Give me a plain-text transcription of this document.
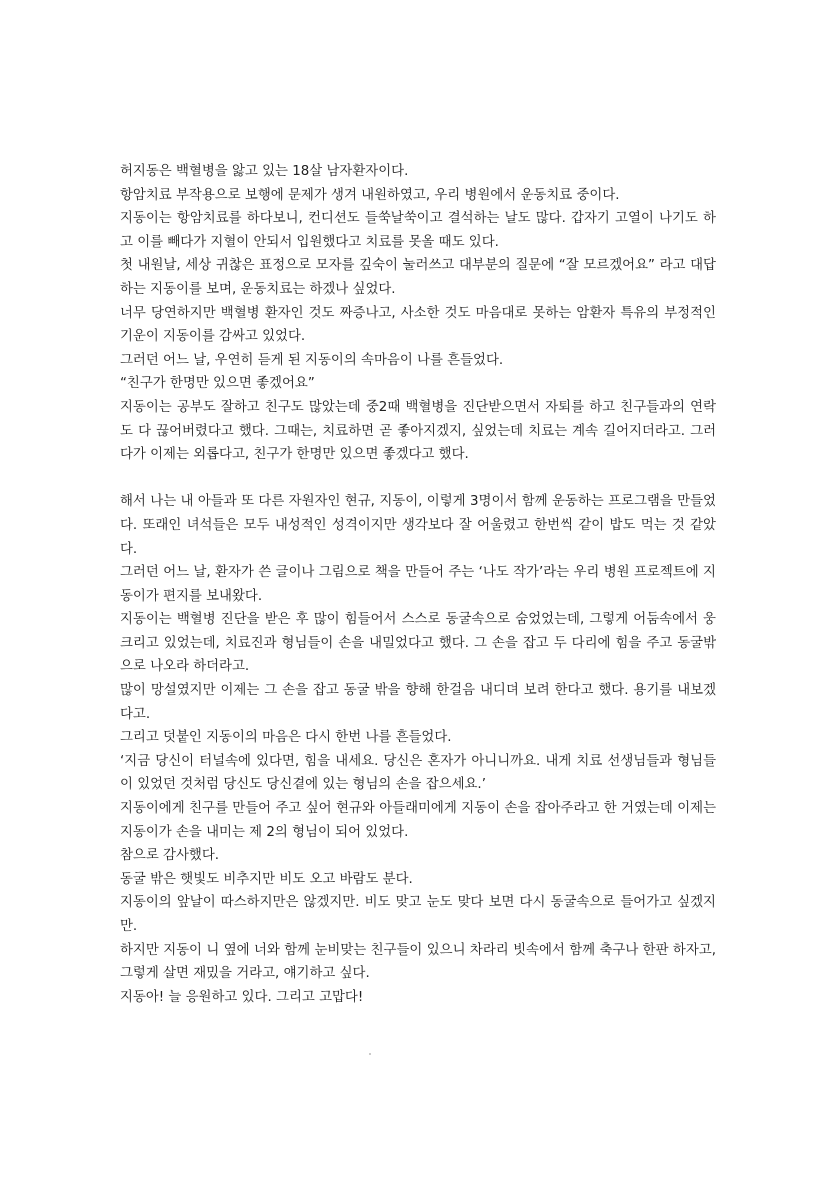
허지동은 백혈병을 앓고 있는 18살 남자환자이다.

항암치료 부작용으로 보행에 문제가 생겨 내원하였고, 우리 병원에서 운동치료 중이다.

지동이는 항암치료를 하다보니, 컨디션도 들쑥날쑥이고 결석하는 날도 많다. 갑자기 고열이 나기도 하고 이를 빼다가 지혈이 안되서 입원했다고 치료를 못올 때도 있다.

첫 내원날, 세상 귀찮은 표정으로 모자를 깊숙이 눌러쓰고 대부분의 질문에 “잘 모르겠어요” 라고 대답하는 지동이를 보며, 운동치료는 하겠나 싶었다.

너무 당연하지만 백혈병 환자인 것도 짜증나고, 사소한 것도 마음대로 못하는 암환자 특유의 부정적인 기운이 지동이를 감싸고 있었다.

그러던 어느 날, 우연히 듣게 된 지동이의 속마음이 나를 흔들었다.

“친구가 한명만 있으면 좋겠어요”

지동이는 공부도 잘하고 친구도 많았는데 중2때 백혈병을 진단받으면서 자퇴를 하고 친구들과의 연락도 다 끊어버렸다고 했다. 그때는, 치료하면 곧 좋아지겠지, 싶었는데 치료는 계속 길어지더라고. 그러다가 이제는 외롭다고, 친구가 한명만 있으면 좋겠다고 했다.

해서 나는 내 아들과 또 다른 자원자인 현규, 지동이, 이렇게 3명이서 함께 운동하는 프로그램을 만들었다. 또래인 녀석들은 모두 내성적인 성격이지만 생각보다 잘 어울렸고 한번씩 같이 밥도 먹는 것 같았다.

그러던 어느 날, 환자가 쓴 글이나 그림으로 책을 만들어 주는 ‘나도 작가’라는 우리 병원 프로젝트에 지동이가 편지를 보내왔다.

지동이는 백혈병 진단을 받은 후 많이 힘들어서 스스로 동굴속으로 숨었었는데, 그렇게 어둠속에서 웅크리고 있었는데, 치료진과 형님들이 손을 내밀었다고 했다. 그 손을 잡고 두 다리에 힘을 주고 동굴밖으로 나오라 하더라고.

많이 망설였지만 이제는 그 손을 잡고 동굴 밖을 향해 한걸음 내디뎌 보려 한다고 했다. 용기를 내보겠다고.

그리고 덧붙인 지동이의 마음은 다시 한번 나를 흔들었다.

‘지금 당신이 터널속에 있다면, 힘을 내세요. 당신은 혼자가 아니니까요. 내게 치료 선생님들과 형님들이 있었던 것처럼 당신도 당신곁에 있는 형님의 손을 잡으세요.’

지동이에게 친구를 만들어 주고 싶어 현규와 아들래미에게 지동이 손을 잡아주라고 한 거였는데 이제는 지동이가 손을 내미는 제 2의 형님이 되어 있었다.

참으로 감사했다.

동굴 밖은 햇빛도 비추지만 비도 오고 바람도 분다.

지동이의 앞날이 따스하지만은 않겠지만. 비도 맞고 눈도 맞다 보면 다시 동굴속으로 들어가고 싶겠지만.

하지만 지동이 니 옆에 너와 함께 눈비맞는 친구들이 있으니 차라리 빗속에서 함께 축구나 한판 하자고, 그렇게 살면 재밌을 거라고, 얘기하고 싶다.

지동아! 늘 응원하고 있다. 그리고 고맙다!
